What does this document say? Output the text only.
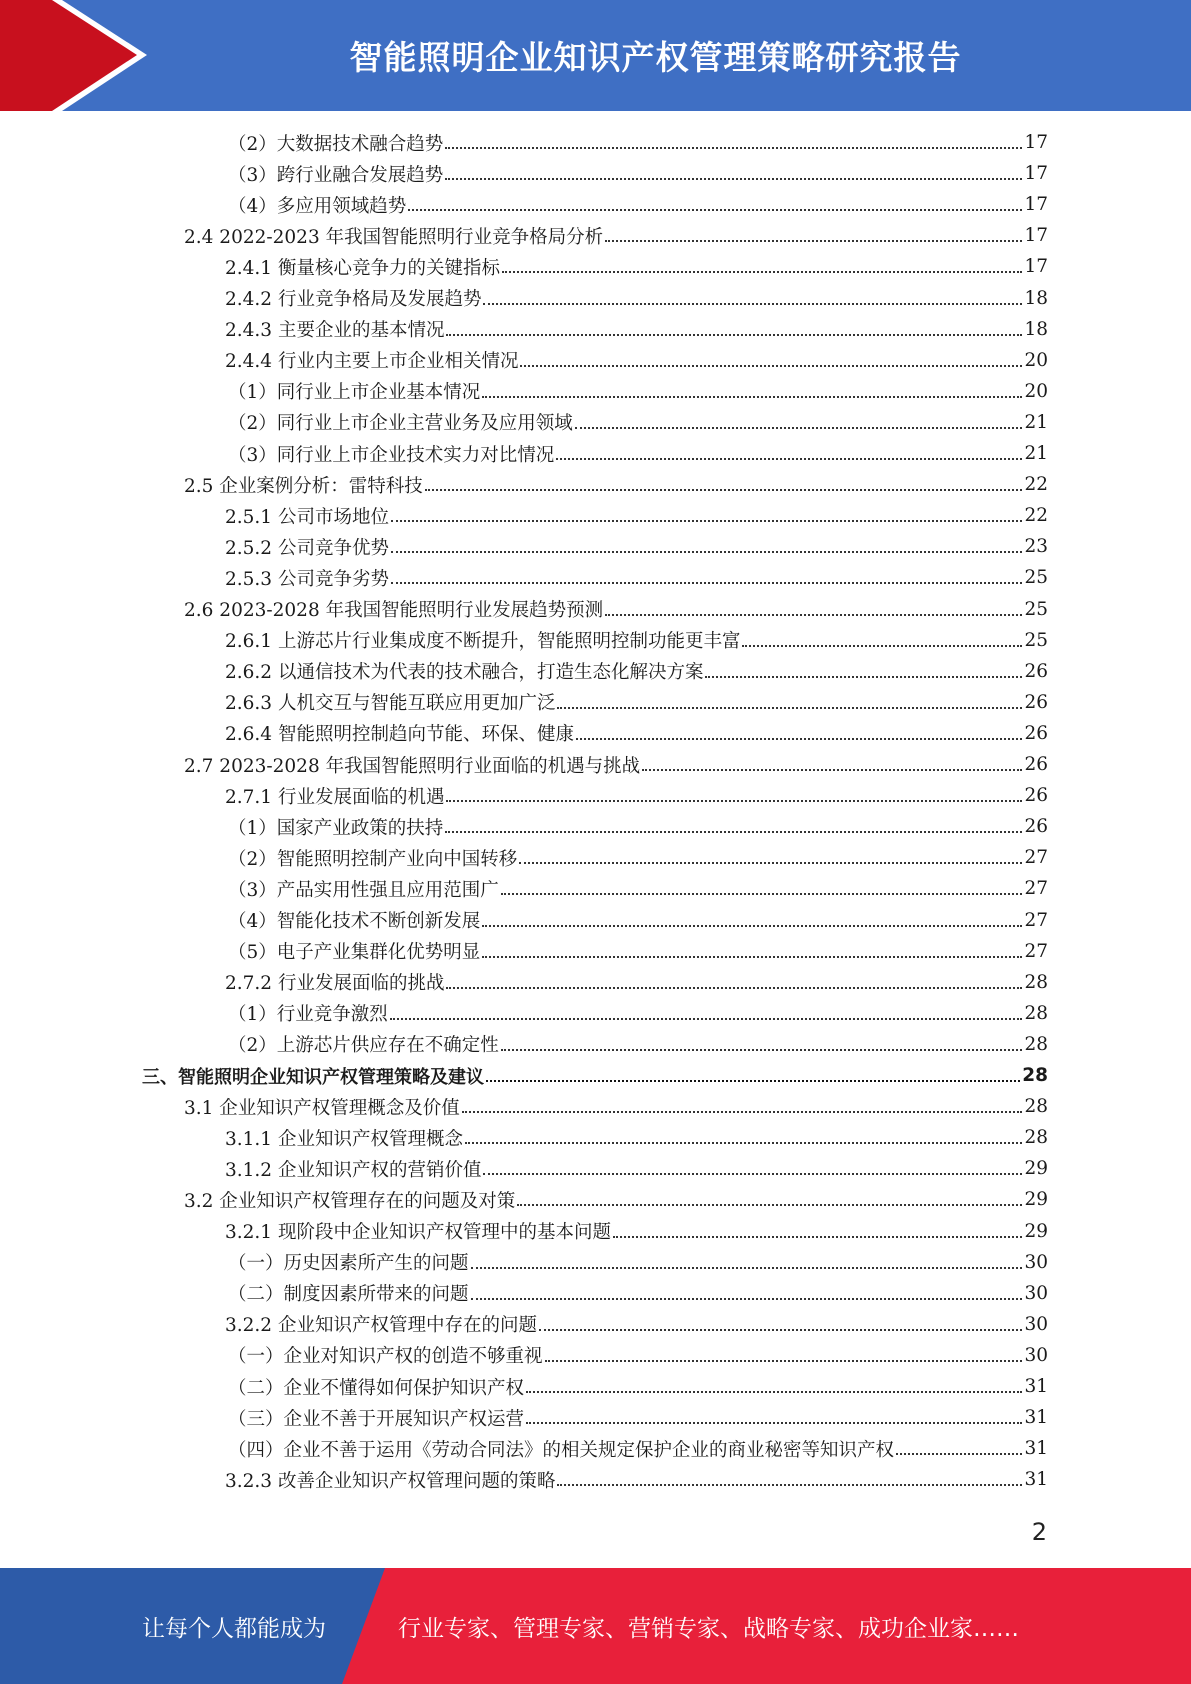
智能照明企业知识产权管理策略研究报告
（2）大数据技术融合趋势	17
（3）跨行业融合发展趋势	17
（4）多应用领域趋势	17
2.4 2022-2023 年我国智能照明行业竞争格局分析	17
2.4.1 衡量核心竞争力的关键指标	17
2.4.2 行业竞争格局及发展趋势	18
2.4.3 主要企业的基本情况	18
2.4.4 行业内主要上市企业相关情况	20
（1）同行业上市企业基本情况	20
（2）同行业上市企业主营业务及应用领域	21
（3）同行业上市企业技术实力对比情况	21
2.5 企业案例分析：雷特科技	22
2.5.1 公司市场地位	22
2.5.2 公司竞争优势	23
2.5.3 公司竞争劣势	25
2.6 2023-2028 年我国智能照明行业发展趋势预测	25
2.6.1 上游芯片行业集成度不断提升，智能照明控制功能更丰富	25
2.6.2 以通信技术为代表的技术融合，打造生态化解决方案	26
2.6.3 人机交互与智能互联应用更加广泛	26
2.6.4 智能照明控制趋向节能、环保、健康	26
2.7 2023-2028 年我国智能照明行业面临的机遇与挑战	26
2.7.1 行业发展面临的机遇	26
（1）国家产业政策的扶持	26
（2）智能照明控制产业向中国转移	27
（3）产品实用性强且应用范围广	27
（4）智能化技术不断创新发展	27
（5）电子产业集群化优势明显	27
2.7.2 行业发展面临的挑战	28
（1）行业竞争激烈	28
（2）上游芯片供应存在不确定性	28
三、智能照明企业知识产权管理策略及建议	28
3.1 企业知识产权管理概念及价值	28
3.1.1 企业知识产权管理概念	28
3.1.2 企业知识产权的营销价值	29
3.2 企业知识产权管理存在的问题及对策	29
3.2.1 现阶段中企业知识产权管理中的基本问题	29
（一）历史因素所产生的问题	30
（二）制度因素所带来的问题	30
3.2.2 企业知识产权管理中存在的问题	30
（一）企业对知识产权的创造不够重视	30
（二）企业不懂得如何保护知识产权	31
（三）企业不善于开展知识产权运营	31
（四）企业不善于运用《劳动合同法》的相关规定保护企业的商业秘密等知识产权	31
3.2.3 改善企业知识产权管理问题的策略	31
2
让每个人都能成为	行业专家、管理专家、营销专家、战略专家、成功企业家……
